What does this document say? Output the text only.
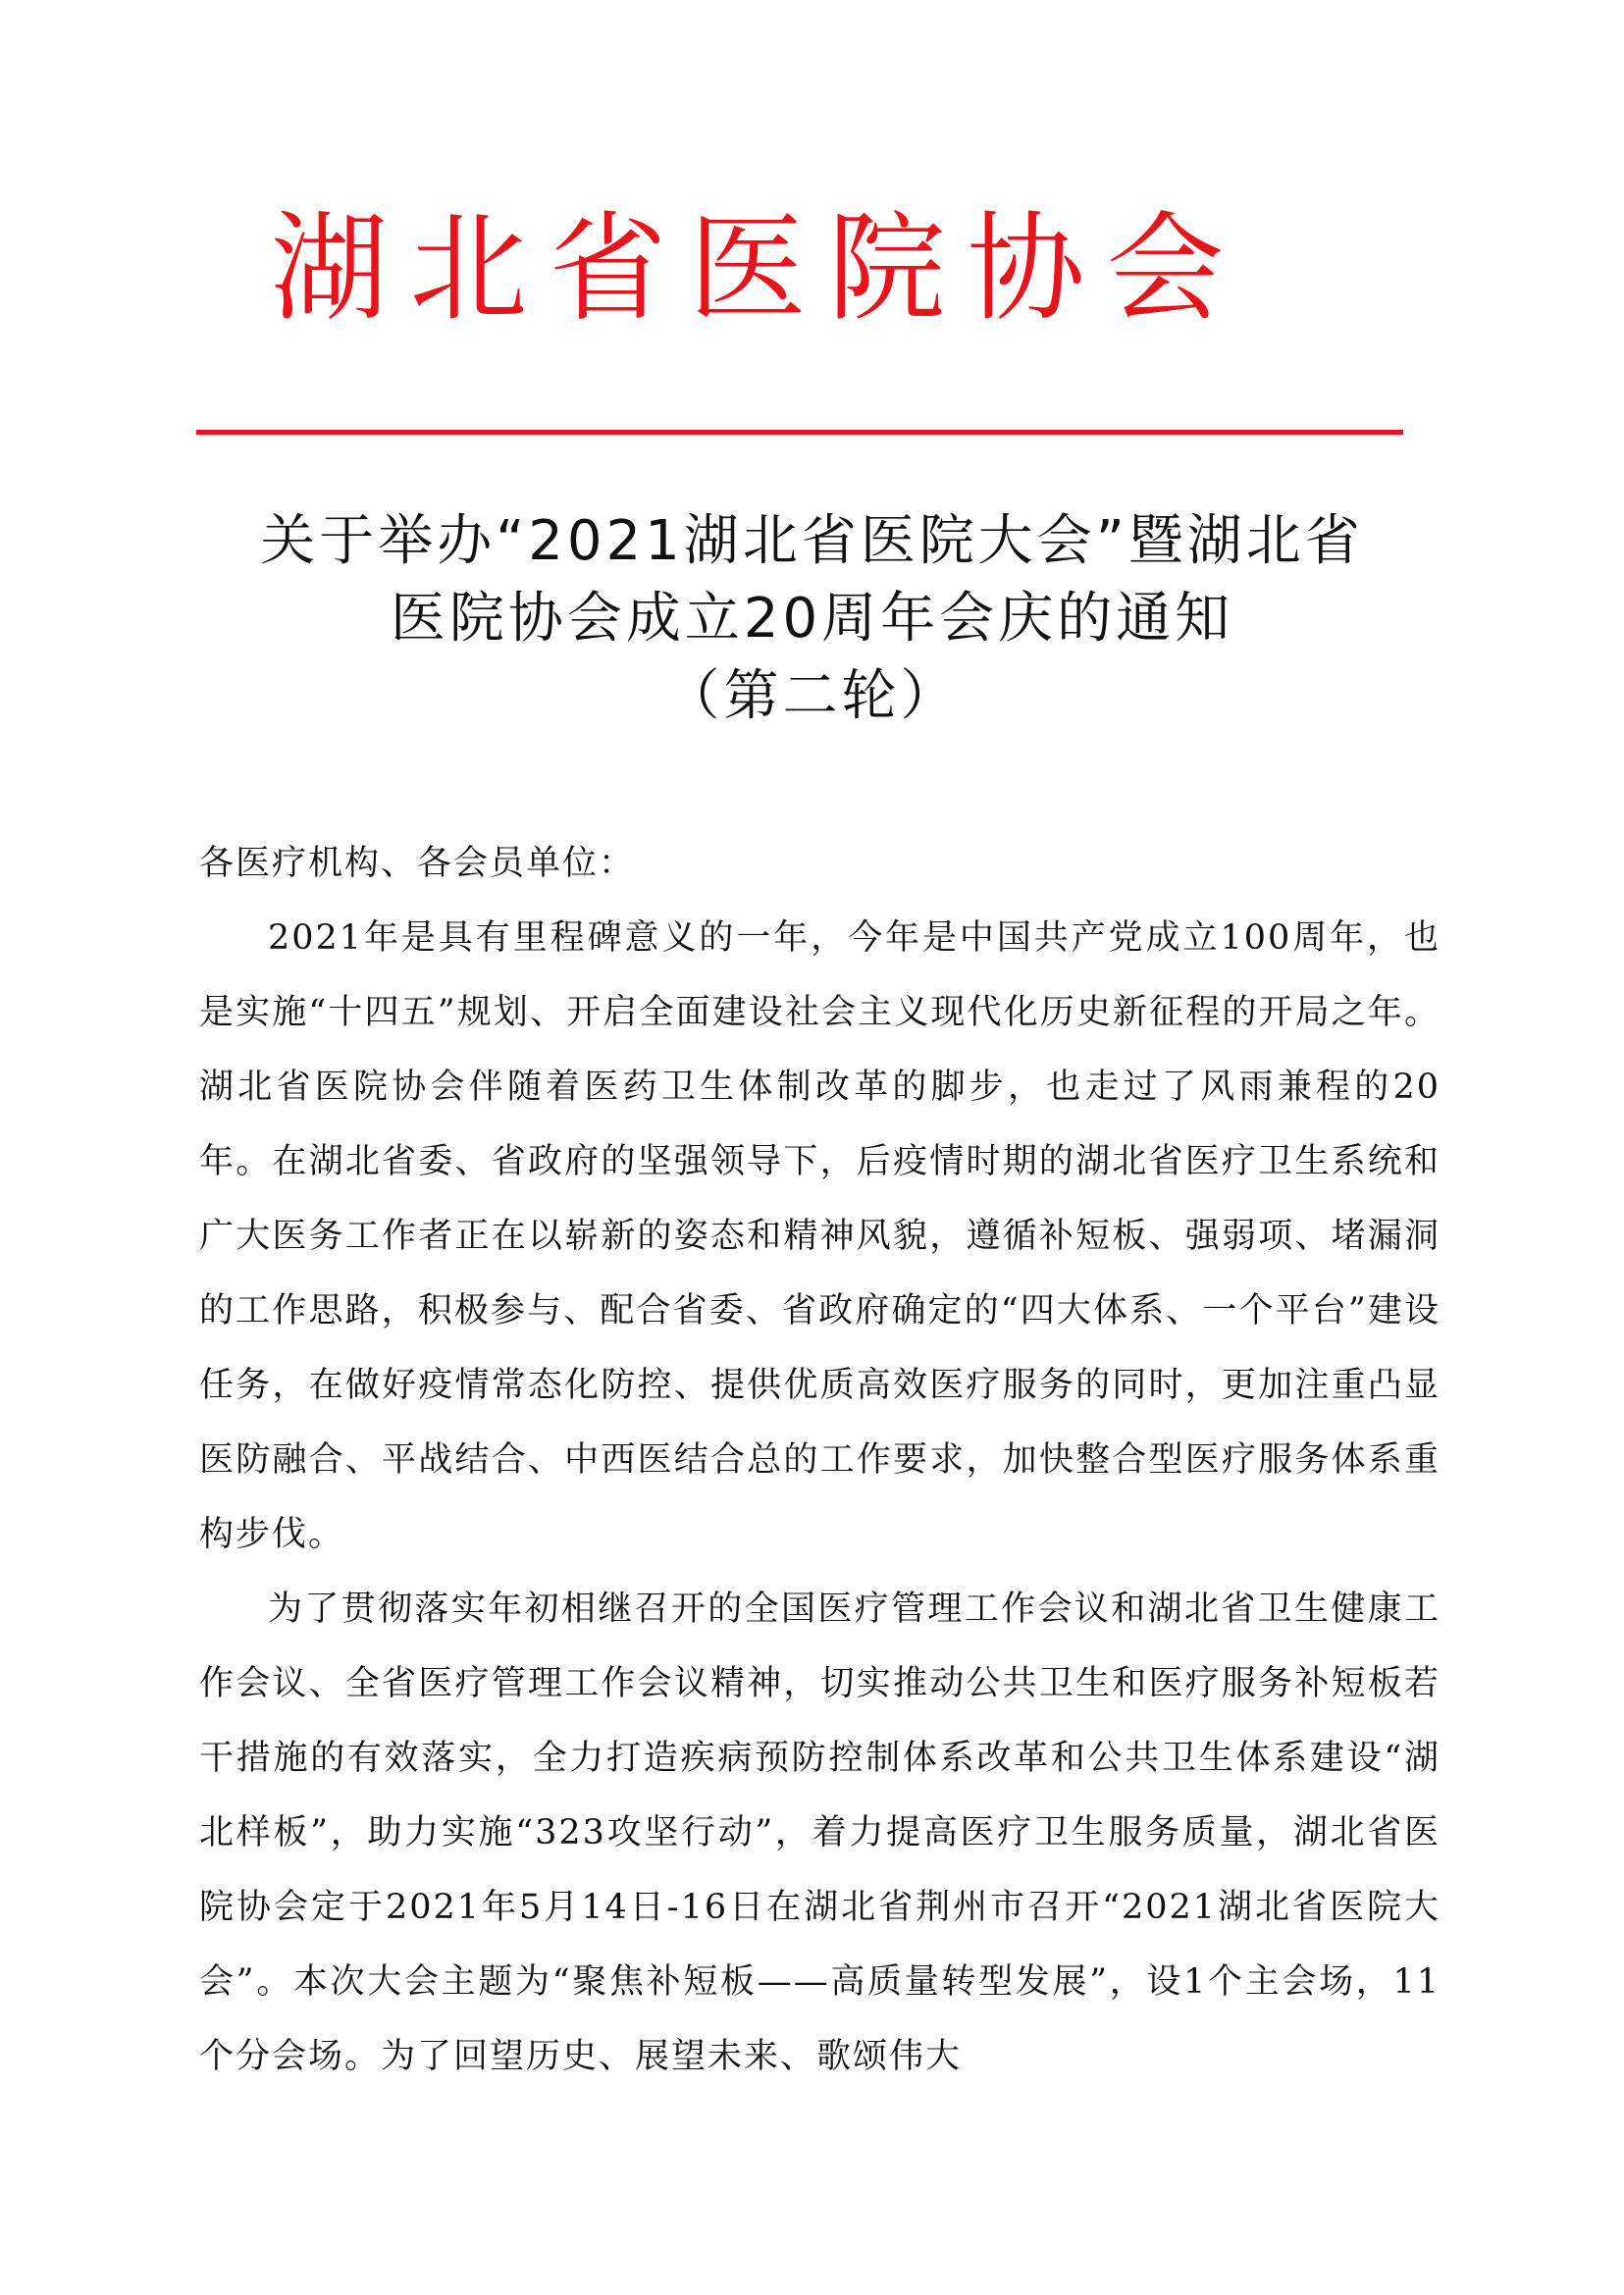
湖北省医院协会
关于举办“2021湖北省医院大会”暨湖北省
医院协会成立20周年会庆的通知
（第二轮）

各医疗机构、各会员单位：

2021年是具有里程碑意义的一年，今年是中国共产党成立100周年，也是实施“十四五”规划、开启全面建设社会主义现代化历史新征程的开局之年。湖北省医院协会伴随着医药卫生体制改革的脚步，也走过了风雨兼程的20年。在湖北省委、省政府的坚强领导下，后疫情时期的湖北省医疗卫生系统和广大医务工作者正在以崭新的姿态和精神风貌，遵循补短板、强弱项、堵漏洞的工作思路，积极参与、配合省委、省政府确定的“四大体系、一个平台”建设任务，在做好疫情常态化防控、提供优质高效医疗服务的同时，更加注重凸显医防融合、平战结合、中西医结合总的工作要求，加快整合型医疗服务体系重构步伐。

为了贯彻落实年初相继召开的全国医疗管理工作会议和湖北省卫生健康工作会议、全省医疗管理工作会议精神，切实推动公共卫生和医疗服务补短板若干措施的有效落实，全力打造疾病预防控制体系改革和公共卫生体系建设“湖北样板”，助力实施“323攻坚行动”，着力提高医疗卫生服务质量，湖北省医院协会定于2021年5月14日-16日在湖北省荆州市召开“2021湖北省医院大会”。本次大会主题为“聚焦补短板——高质量转型发展”，设1个主会场，11个分会场。为了回望历史、展望未来、歌颂伟大
